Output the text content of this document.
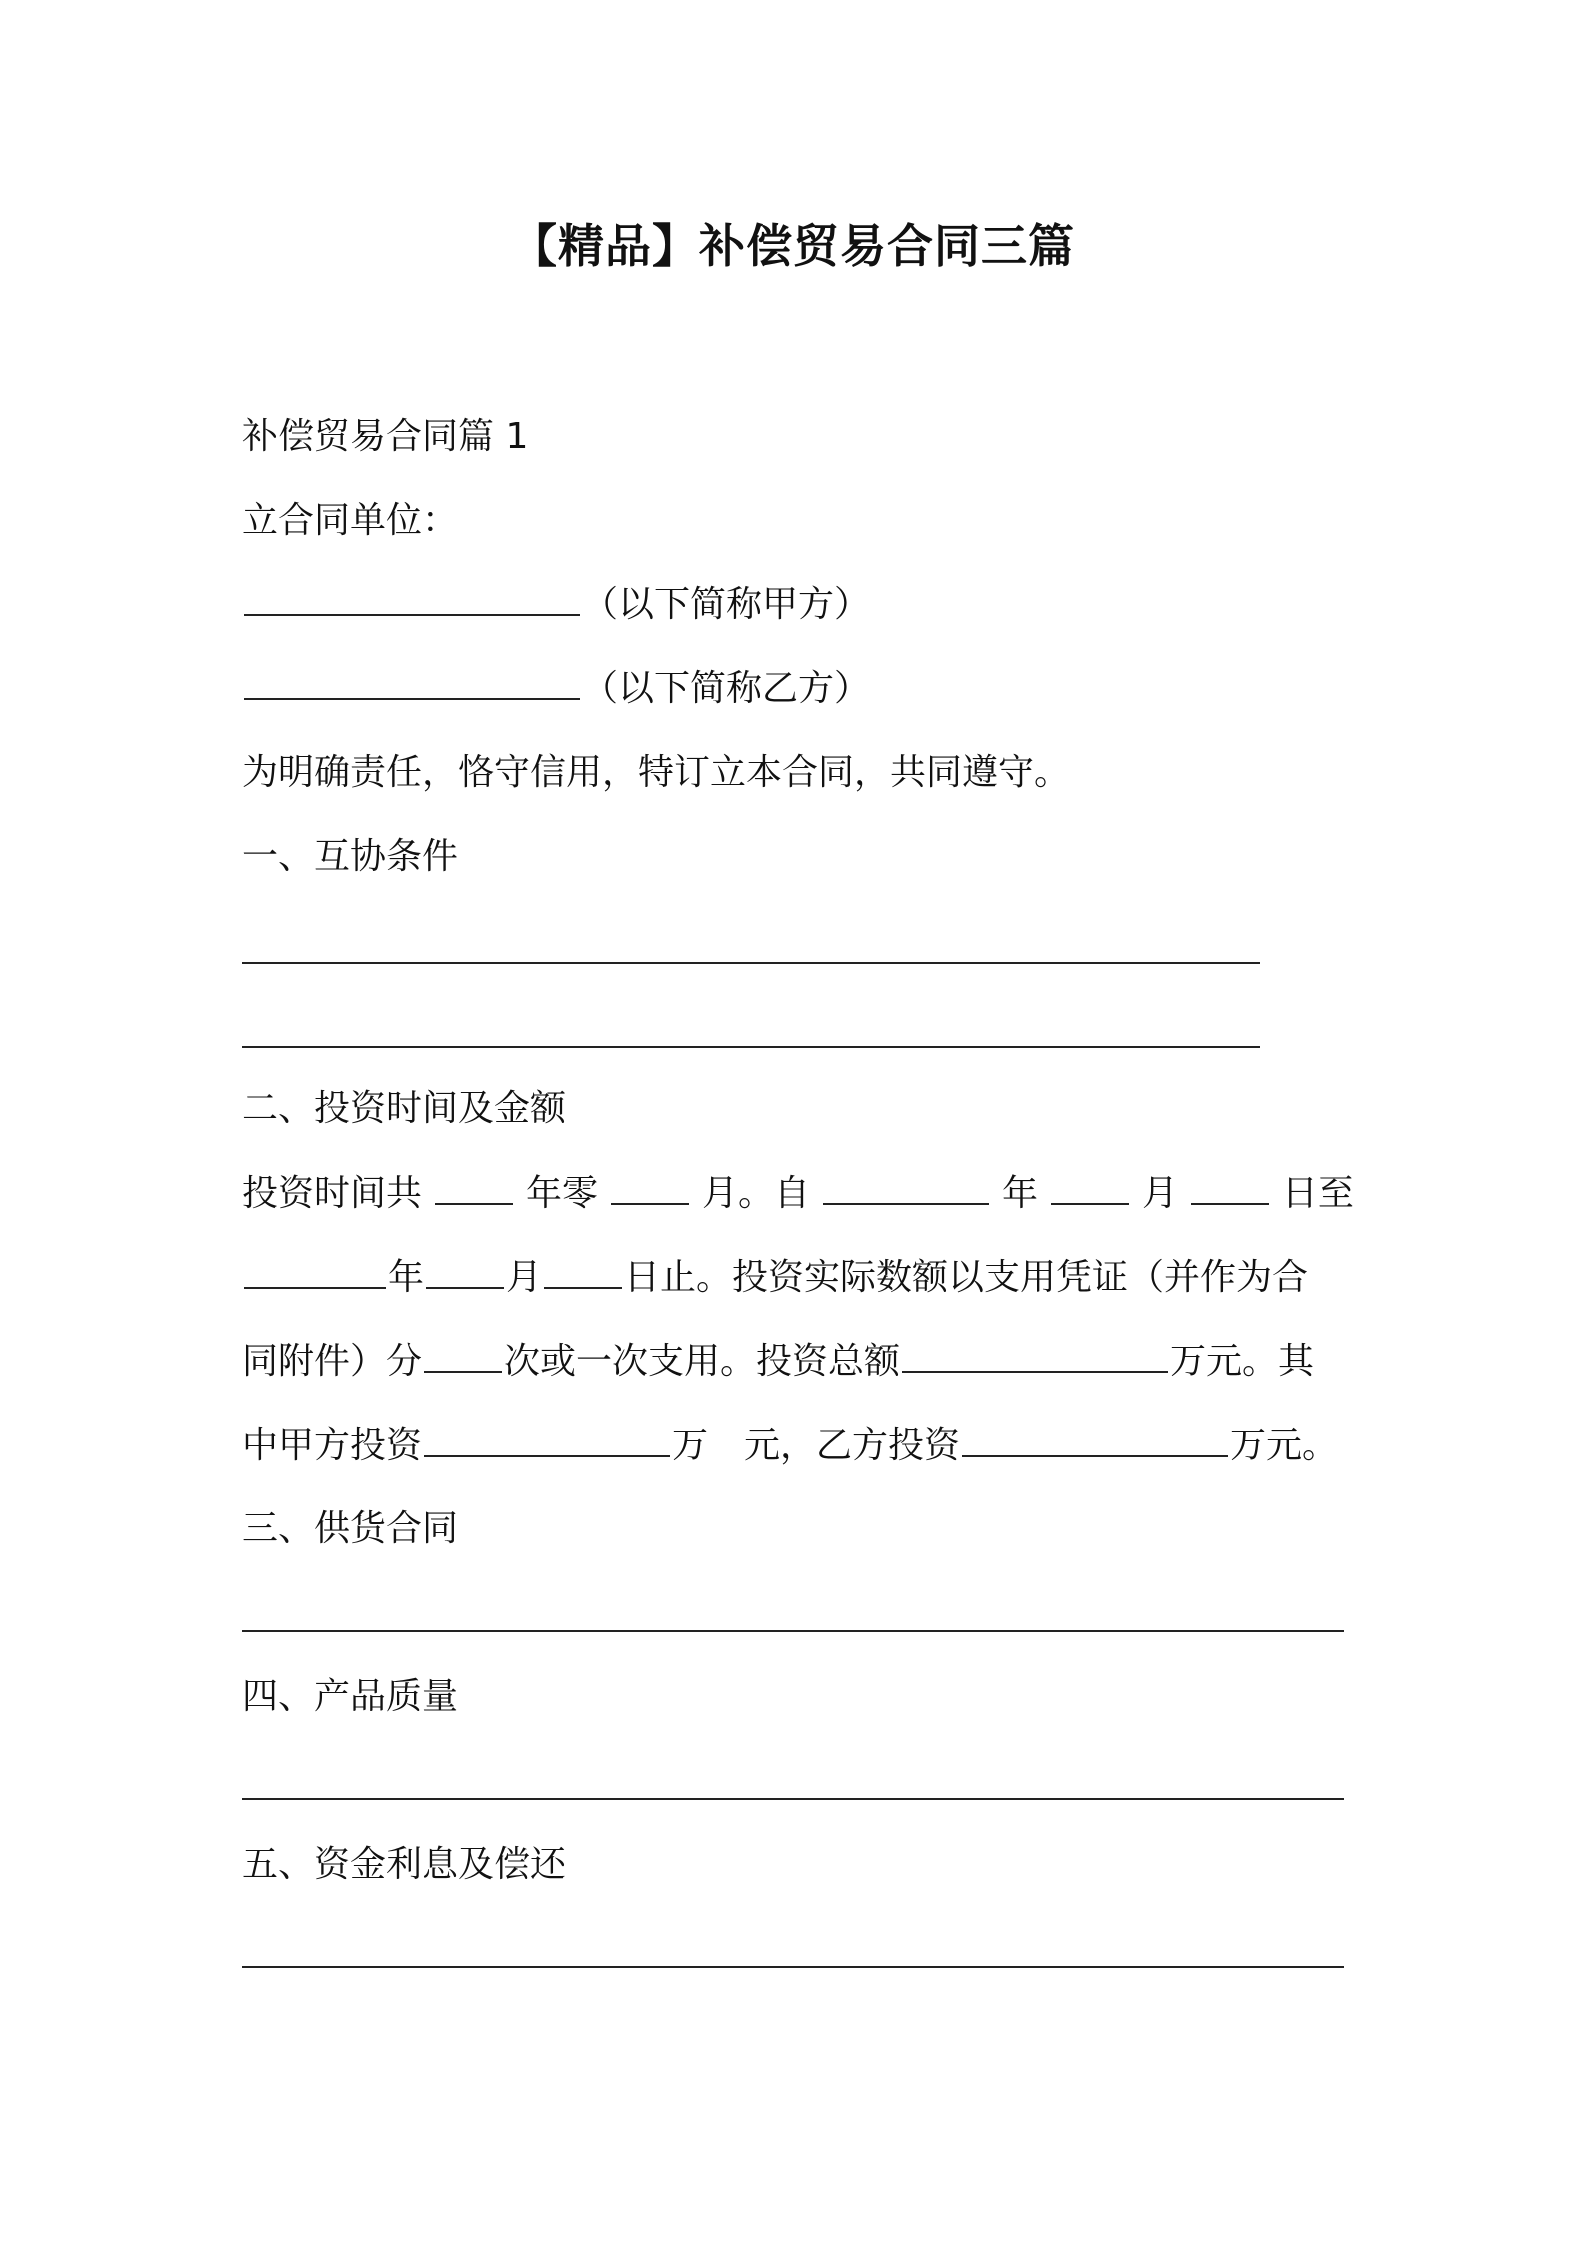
【精品】补偿贸易合同三篇
补偿贸易合同篇 1
立合同单位：
（以下简称甲方）
（以下简称乙方）
为明确责任，恪守信用，特订立本合同，共同遵守。
一、互协条件
二、投资时间及金额
投资时间共	年零	月。自	年	月	日至
年 月 日止。投资实际数额以支用凭证（并作为合
同附件）分 次或一次支用。投资总额	万元。其
中甲方投资	万　元，乙方投资	万元。
三、供货合同
四、产品质量
五、资金利息及偿还
